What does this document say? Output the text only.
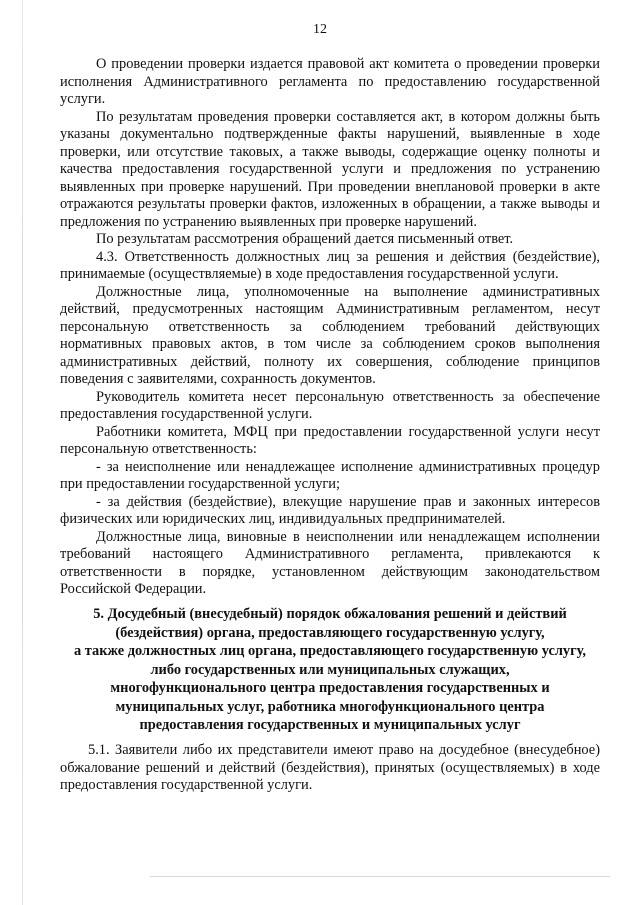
12

О проведении проверки издается правовой акт комитета о проведении проверки исполнения Административного регламента по предоставлению государственной услуги.

По результатам проведения проверки составляется акт, в котором должны быть указаны документально подтвержденные факты нарушений, выявленные в ходе проверки, или отсутствие таковых, а также выводы, содержащие оценку полноты и качества предоставления государственной услуги и предложения по устранению выявленных при проверке нарушений. При проведении внеплановой проверки в акте отражаются результаты проверки фактов, изложенных в обращении, а также выводы и предложения по устранению выявленных при проверке нарушений.

По результатам рассмотрения обращений дается письменный ответ.

4.3. Ответственность должностных лиц за решения и действия (бездействие), принимаемые (осуществляемые) в ходе предоставления государственной услуги.

Должностные лица, уполномоченные на выполнение административных действий, предусмотренных настоящим Административным регламентом, несут персональную ответственность за соблюдением требований действующих нормативных правовых актов, в том числе за соблюдением сроков выполнения административных действий, полноту их совершения, соблюдение принципов поведения с заявителями, сохранность документов.

Руководитель комитета несет персональную ответственность за обеспечение предоставления государственной услуги.

Работники комитета, МФЦ при предоставлении государственной услуги несут персональную ответственность:

- за неисполнение или ненадлежащее исполнение административных процедур при предоставлении государственной услуги;

- за действия (бездействие), влекущие нарушение прав и законных интересов физических или юридических лиц, индивидуальных предпринимателей.

Должностные лица, виновные в неисполнении или ненадлежащем исполнении требований настоящего Административного регламента, привлекаются к ответственности в порядке, установленном действующим законодательством Российской Федерации.

5. Досудебный (внесудебный) порядок обжалования решений и действий
(бездействия) органа, предоставляющего государственную услугу,
а также должностных лиц органа, предоставляющего государственную услугу,
либо государственных или муниципальных служащих,
многофункционального центра предоставления государственных и
муниципальных услуг, работника многофункционального центра
предоставления государственных и муниципальных услуг

5.1. Заявители либо их представители имеют право на досудебное (внесудебное) обжалование решений и действий (бездействия), принятых (осуществляемых) в ходе предоставления государственной услуги.
